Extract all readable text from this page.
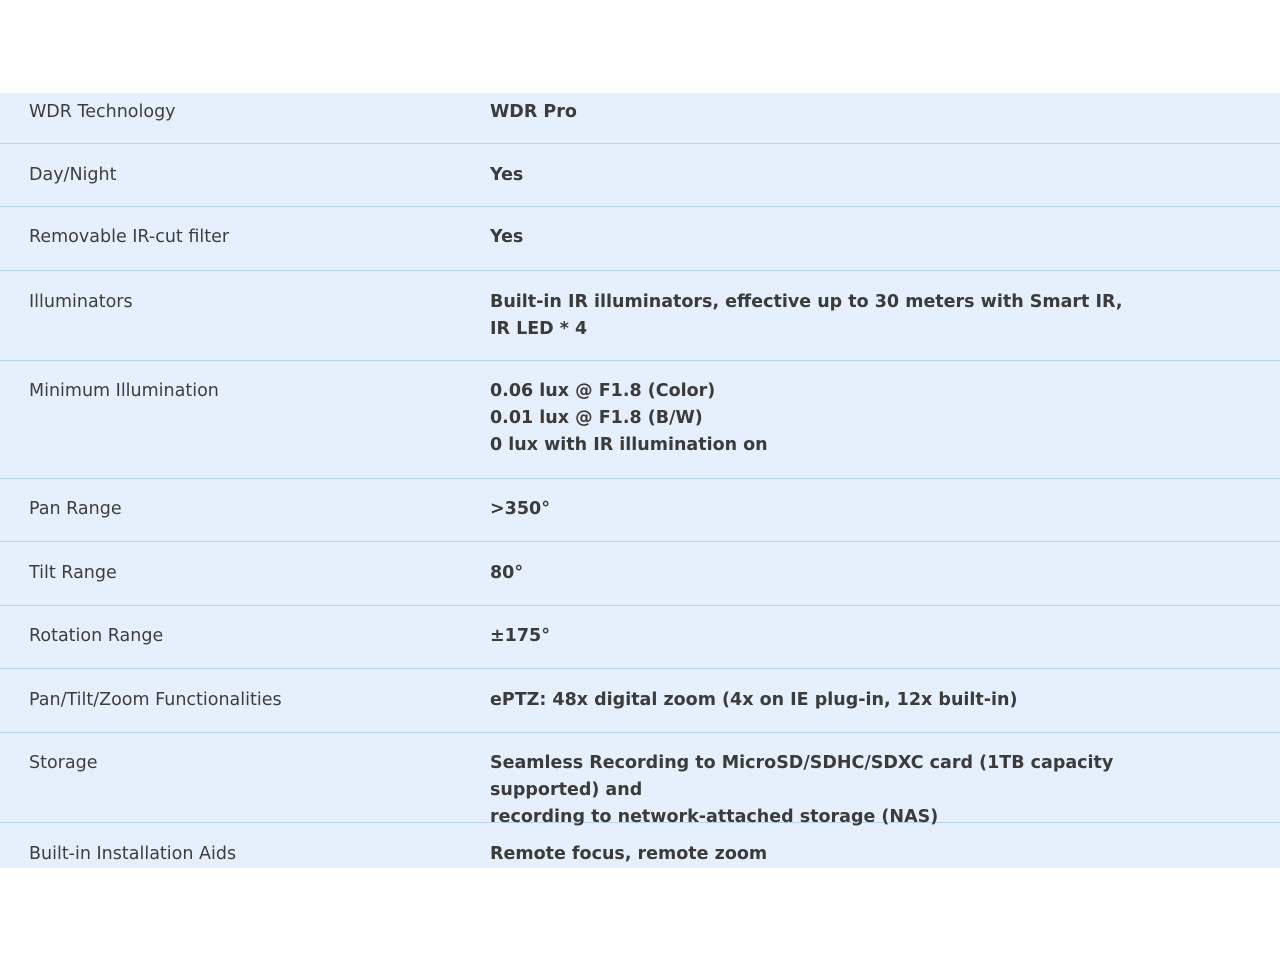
WDR Technology	WDR Pro
Day/Night	Yes
Removable IR-cut filter	Yes
Illuminators	Built-in IR illuminators, effective up to 30 meters with Smart IR,
IR LED * 4
Minimum Illumination	0.06 lux @ F1.8 (Color)
0.01 lux @ F1.8 (B/W)
0 lux with IR illumination on
Pan Range	>350°
Tilt Range	80°
Rotation Range	±175°
Pan/Tilt/Zoom Functionalities	ePTZ: 48x digital zoom (4x on IE plug-in, 12x built-in)
Storage	Seamless Recording to MicroSD/SDHC/SDXC card (1TB capacity supported) and
recording to network-attached storage (NAS)
Built-in Installation Aids	Remote focus, remote zoom
